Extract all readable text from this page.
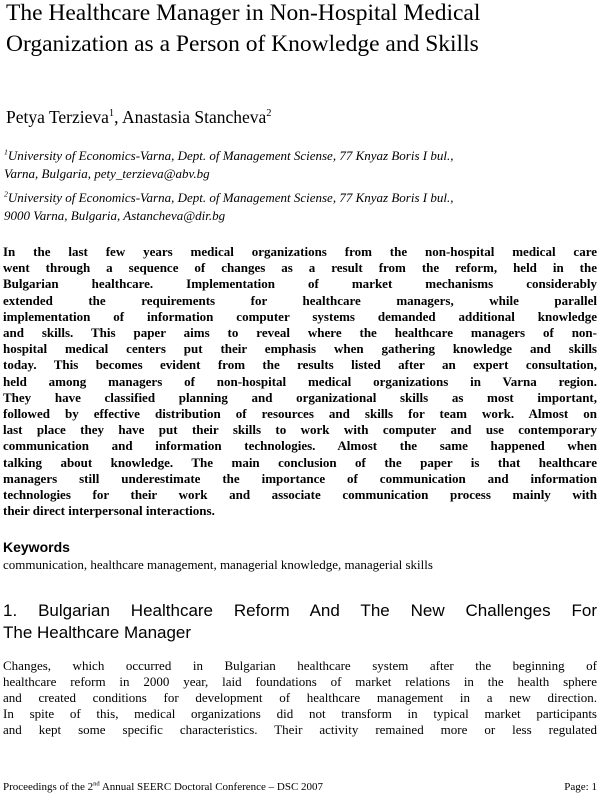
The Healthcare Manager in Non-Hospital Medical Organization as a Person of Knowledge and Skills
Petya Terzieva$^1$, Anastasia Stancheva$^2$
$^1$University of Economics-Varna, Dept. of Management Sciense, 77 Knyaz Boris I bul.,
Varna, Bulgaria, pety_terzieva@abv.bg
$^2$University of Economics-Varna, Dept. of Management Sciense, 77 Knyaz Boris I bul.,
9000 Varna, Bulgaria, Astancheva@dir.bg
In the last few years medical organizations from the non-hospital medical care
went through a sequence of changes as a result from the reform, held in the
Bulgarian healthcare. Implementation of market mechanisms considerably
extended the requirements for healthcare managers, while parallel
implementation of information computer systems demanded additional knowledge
and skills. This paper aims to reveal where the healthcare managers of non-
hospital medical centers put their emphasis when gathering knowledge and skills
today. This becomes evident from the results listed after an expert consultation,
held among managers of non-hospital medical organizations in Varna region.
They have classified planning and organizational skills as most important,
followed by effective distribution of resources and skills for team work. Almost on
last place they have put their skills to work with computer and use contemporary
communication and information technologies. Almost the same happened when
talking about knowledge. The main conclusion of the paper is that healthcare
managers still underestimate the importance of communication and information
technologies for their work and associate communication process mainly with
their direct interpersonal interactions.
Keywords
communication, healthcare management, managerial knowledge, managerial skills
1. Bulgarian Healthcare Reform And The New Challenges For
The Healthcare Manager
Changes, which occurred in Bulgarian healthcare system after the beginning of
healthcare reform in 2000 year, laid foundations of market relations in the health sphere
and created conditions for development of healthcare management in a new direction.
In spite of this, medical organizations did not transform in typical market participants
and kept some specific characteristics. Their activity remained more or less regulated
Proceedings of the 2nd Annual SEERC Doctoral Conference – DSC 2007	Page: 1
